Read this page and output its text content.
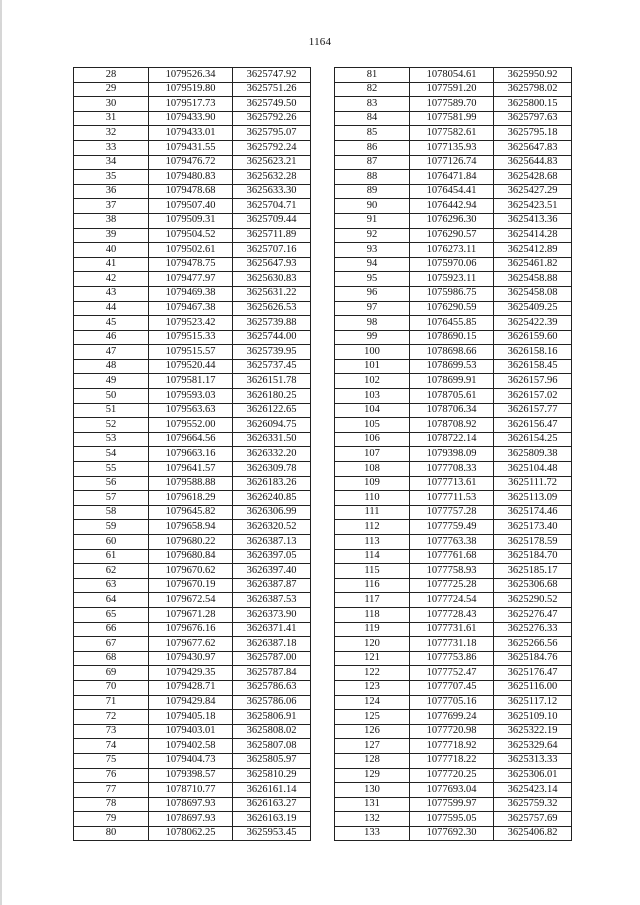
1164
28	1079526.34	3625747.92
29	1079519.80	3625751.26
30	1079517.73	3625749.50
31	1079433.90	3625792.26
32	1079433.01	3625795.07
33	1079431.55	3625792.24
34	1079476.72	3625623.21
35	1079480.83	3625632.28
36	1079478.68	3625633.30
37	1079507.40	3625704.71
38	1079509.31	3625709.44
39	1079504.52	3625711.89
40	1079502.61	3625707.16
41	1079478.75	3625647.93
42	1079477.97	3625630.83
43	1079469.38	3625631.22
44	1079467.38	3625626.53
45	1079523.42	3625739.88
46	1079515.33	3625744.00
47	1079515.57	3625739.95
48	1079520.44	3625737.45
49	1079581.17	3626151.78
50	1079593.03	3626180.25
51	1079563.63	3626122.65
52	1079552.00	3626094.75
53	1079664.56	3626331.50
54	1079663.16	3626332.20
55	1079641.57	3626309.78
56	1079588.88	3626183.26
57	1079618.29	3626240.85
58	1079645.82	3626306.99
59	1079658.94	3626320.52
60	1079680.22	3626387.13
61	1079680.84	3626397.05
62	1079670.62	3626397.40
63	1079670.19	3626387.87
64	1079672.54	3626387.53
65	1079671.28	3626373.90
66	1079676.16	3626371.41
67	1079677.62	3626387.18
68	1079430.97	3625787.00
69	1079429.35	3625787.84
70	1079428.71	3625786.63
71	1079429.84	3625786.06
72	1079405.18	3625806.91
73	1079403.01	3625808.02
74	1079402.58	3625807.08
75	1079404.73	3625805.97
76	1079398.57	3625810.29
77	1078710.77	3626161.14
78	1078697.93	3626163.27
79	1078697.93	3626163.19
80	1078062.25	3625953.45
81	1078054.61	3625950.92
82	1077591.20	3625798.02
83	1077589.70	3625800.15
84	1077581.99	3625797.63
85	1077582.61	3625795.18
86	1077135.93	3625647.83
87	1077126.74	3625644.83
88	1076471.84	3625428.68
89	1076454.41	3625427.29
90	1076442.94	3625423.51
91	1076296.30	3625413.36
92	1076290.57	3625414.28
93	1076273.11	3625412.89
94	1075970.06	3625461.82
95	1075923.11	3625458.88
96	1075986.75	3625458.08
97	1076290.59	3625409.25
98	1076455.85	3625422.39
99	1078690.15	3626159.60
100	1078698.66	3626158.16
101	1078699.53	3626158.45
102	1078699.91	3626157.96
103	1078705.61	3626157.02
104	1078706.34	3626157.77
105	1078708.92	3626156.47
106	1078722.14	3626154.25
107	1079398.09	3625809.38
108	1077708.33	3625104.48
109	1077713.61	3625111.72
110	1077711.53	3625113.09
111	1077757.28	3625174.46
112	1077759.49	3625173.40
113	1077763.38	3625178.59
114	1077761.68	3625184.70
115	1077758.93	3625185.17
116	1077725.28	3625306.68
117	1077724.54	3625290.52
118	1077728.43	3625276.47
119	1077731.61	3625276.33
120	1077731.18	3625266.56
121	1077753.86	3625184.76
122	1077752.47	3625176.47
123	1077707.45	3625116.00
124	1077705.16	3625117.12
125	1077699.24	3625109.10
126	1077720.98	3625322.19
127	1077718.92	3625329.64
128	1077718.22	3625313.33
129	1077720.25	3625306.01
130	1077693.04	3625423.14
131	1077599.97	3625759.32
132	1077595.05	3625757.69
133	1077692.30	3625406.82
